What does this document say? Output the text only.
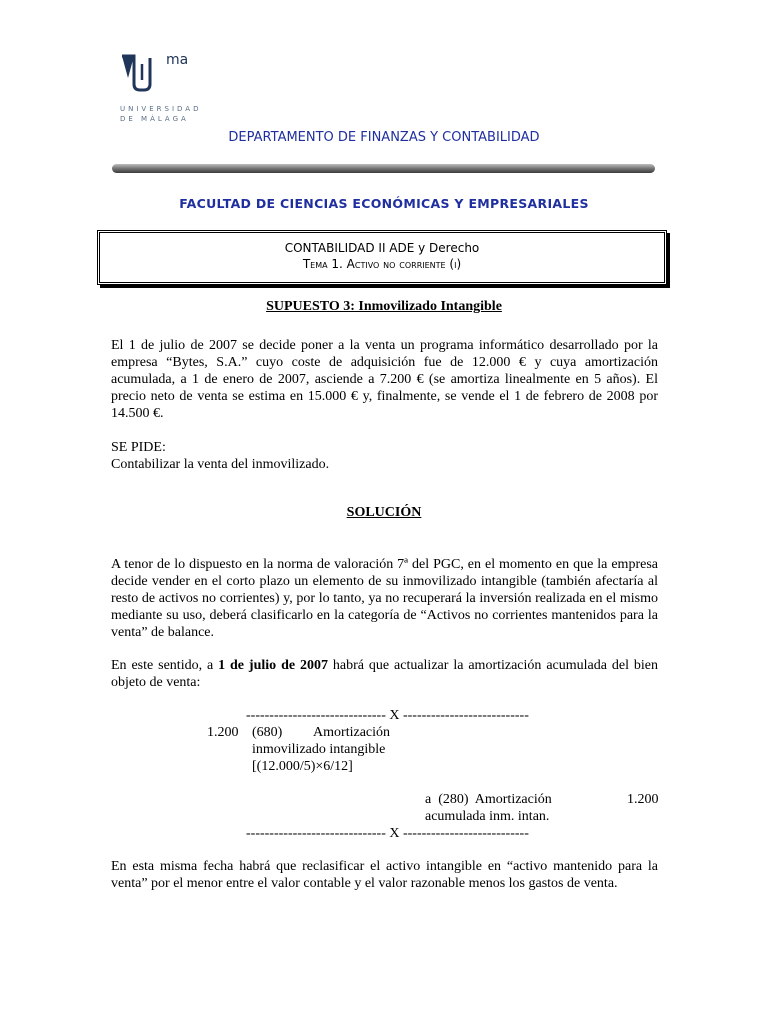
ma
UNIVERSIDAD
DE MÁLAGA
DEPARTAMENTO DE FINANZAS Y CONTABILIDAD
FACULTAD DE CIENCIAS ECONÓMICAS Y EMPRESARIALES
CONTABILIDAD II ADE y Derecho
Tema 1. Activo no corriente (i)
SUPUESTO 3: Inmovilizado Intangible
El 1 de julio de 2007 se decide poner a la venta un programa informático desarrollado por la empresa “Bytes, S.A.” cuyo coste de adquisición fue de 12.000 € y cuya amortización acumulada, a 1 de enero de 2007, asciende a 7.200 € (se amortiza linealmente en 5 años). El precio neto de venta se estima en 15.000 € y, finalmente, se vende el 1 de febrero de 2008 por 14.500 €.
SE PIDE:
Contabilizar la venta del inmovilizado.
SOLUCIÓN
A tenor de lo dispuesto en la norma de valoración 7ª del PGC, en el momento en que la empresa decide vender en el corto plazo un elemento de su inmovilizado intangible (también afectaría al resto de activos no corrientes) y, por lo tanto, ya no recuperará la inversión realizada en el mismo mediante su uso, deberá clasificarlo en la categoría de “Activos no corrientes mantenidos para la venta” de balance.
En este sentido, a 1 de julio de 2007 habrá que actualizar la amortización acumulada del bien objeto de venta:
------------------------------ X ---------------------------
1.200 (680)         Amortización
inmovilizado intangible
[(12.000/5)×6/12]
a  (280)  Amortización	1.200
acumulada inm. intan.
------------------------------ X ---------------------------
En esta misma fecha habrá que reclasificar el activo intangible en “activo mantenido para la venta” por el menor entre el valor contable y el valor razonable menos los gastos de venta.
